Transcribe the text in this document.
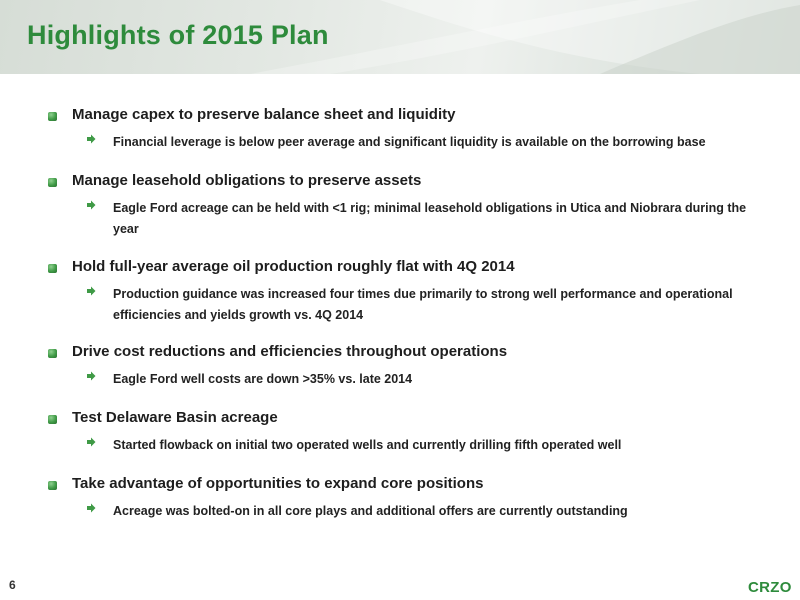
Highlights of 2015 Plan
Manage capex to preserve balance sheet and liquidity
Financial leverage is below peer average and significant liquidity is available on the borrowing base
Manage leasehold obligations to preserve assets
Eagle Ford acreage can be held with <1 rig; minimal leasehold obligations in Utica and Niobrara during the year
Hold full-year average oil production roughly flat with 4Q 2014
Production guidance was increased four times due primarily to strong well performance and operational efficiencies and yields growth vs. 4Q 2014
Drive cost reductions and efficiencies throughout operations
Eagle Ford well costs are down >35% vs. late 2014
Test Delaware Basin acreage
Started flowback on initial two operated wells and currently drilling fifth operated well
Take advantage of opportunities to expand core positions
Acreage was bolted-on in all core plays and additional offers are currently outstanding
6	CRZO
